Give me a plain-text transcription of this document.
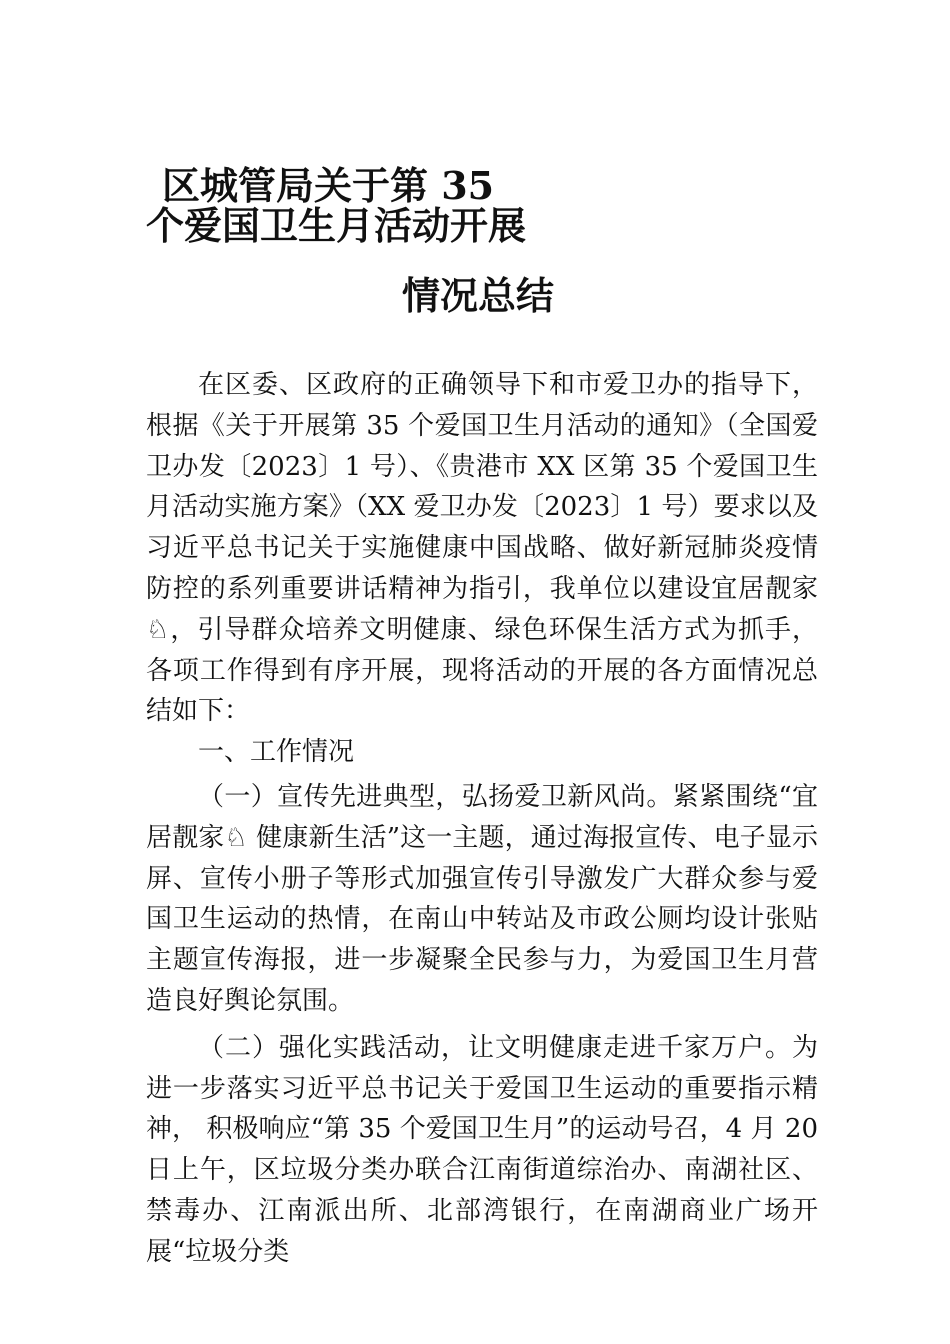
区城管局关于第 35
个爱国卫生月活动开展
情况总结

在区委、区政府的正确领导下和市爱卫办的指导下，根据《关于开展第 35 个爱国卫生月活动的通知》（全国爱卫办发〔2023〕1 号）、《贵港市 XX 区第 35 个爱国卫生月活动实施方案》（XX 爱卫办发〔2023〕1 号）要求以及习近平总书记关于实施健康中国战略、做好新冠肺炎疫情防控的系列重要讲话精神为指引，我单位以建设宜居靓家♘，引导群众培养文明健康、绿色环保生活方式为抓手，各项工作得到有序开展，现将活动的开展的各方面情况总结如下：

一、工作情况

（一）宣传先进典型，弘扬爱卫新风尚。紧紧围绕“宜居靓家♘ 健康新生活”这一主题，通过海报宣传、电子显示屏、宣传小册子等形式加强宣传引导激发广大群众参与爱国卫生运动的热情，在南山中转站及市政公厕均设计张贴主题宣传海报，进一步凝聚全民参与力，为爱国卫生月营造良好舆论氛围。

（二）强化实践活动，让文明健康走进千家万户。为进一步落实习近平总书记关于爱国卫生运动的重要指示精神， 积极响应“第 35 个爱国卫生月”的运动号召，4 月 20 日上午，区垃圾分类办联合江南街道综治办、南湖社区、禁毒办、江南派出所、北部湾银行，在南湖商业广场开展“垃圾分类
